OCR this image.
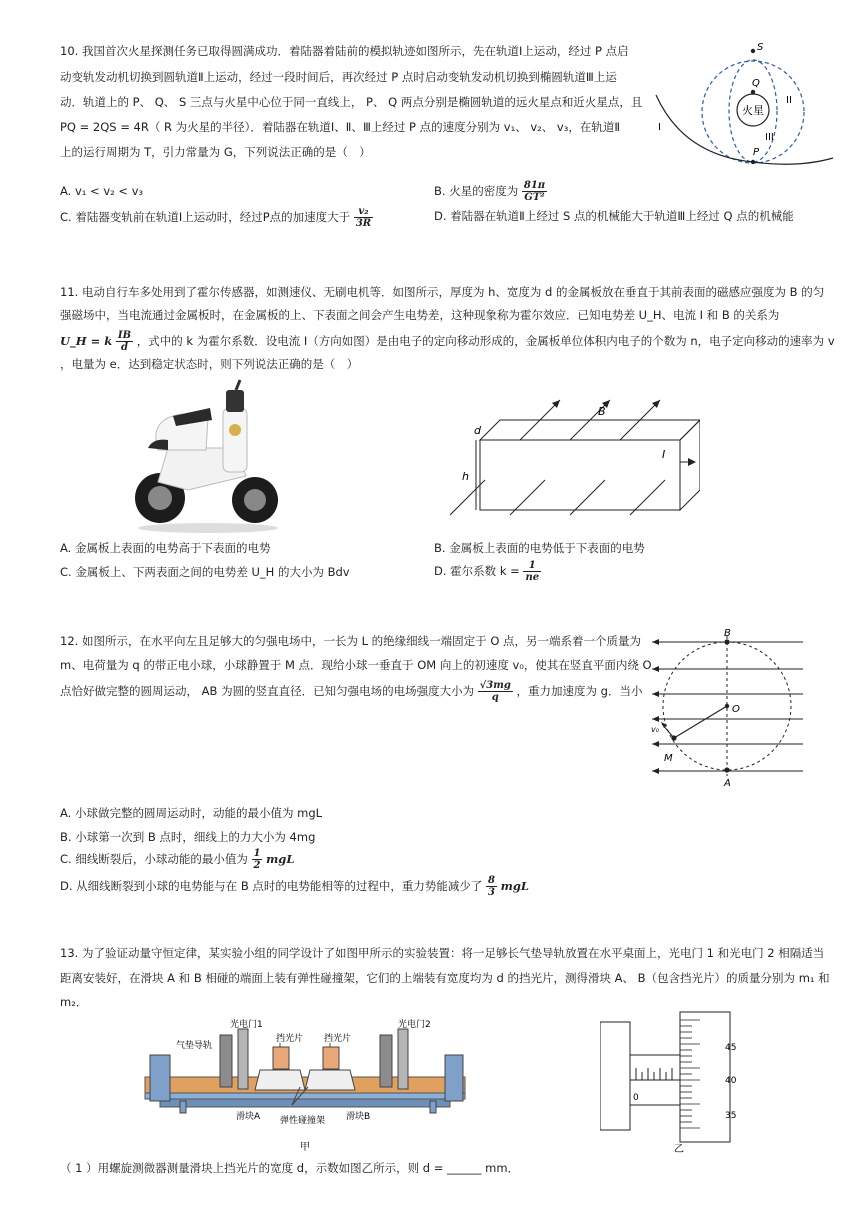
10. 我国首次火星探测任务已取得圆满成功．着陆器着陆前的模拟轨迹如图所示，先在轨道Ⅰ上运动，经过 P 点启
动变轨发动机切换到圆轨道Ⅱ上运动，经过一段时间后，再次经过 P 点时启动变轨发动机切换到椭圆轨道Ⅲ上运
动．轨道上的 P、 Q、 S 三点与火星中心位于同一直线上， P、 Q 两点分别是椭圆轨道的远火星点和近火星点，且
PQ = 2QS = 4R（ R 为火星的半径）．着陆器在轨道Ⅰ、Ⅱ、Ⅲ上经过 P 点的速度分别为 v₁、 v₂、 v₃，在轨道Ⅱ
上的运行周期为 T，引力常量为 G，下列说法正确的是（　）
S
Q
P
火星
I
II
III
A. v₁ < v₂ < v₃	B. 火星的密度为 $\frac{81\pi}{\text{GT²}}$
C. 着陆器变轨前在轨道Ⅰ上运动时，经过P点的加速度大于 $\frac{\text{v₂}}{3R}$	D. 着陆器在轨道Ⅱ上经过 S 点的机械能大于轨道Ⅲ上经过 Q 点的机械能
11. 电动自行车多处用到了霍尔传感器，如测速仪、无刷电机等．如图所示，厚度为 h、宽度为 d 的金属板放在垂直于其前表面的磁感应强度为 B 的匀
强磁场中，当电流通过金属板时，在金属板的上、下表面之间会产生电势差，这种现象称为霍尔效应．已知电势差 U_H、电流 I 和 B 的关系为
U_H = k $\frac{IB}{d}$ ，式中的 k 为霍尔系数．设电流 I（方向如图）是由电子的定向移动形成的，金属板单位体积内电子的个数为 n，电子定向移动的速率为 v
，电量为 e．达到稳定状态时，则下列说法正确的是（　）
B
I
d
h
A. 金属板上表面的电势高于下表面的电势	B. 金属板上表面的电势低于下表面的电势
C. 金属板上、下两表面之间的电势差 U_H 的大小为 Bdv	D. 霍尔系数 $k = \frac{1}{ne}$
12. 如图所示，在水平向左且足够大的匀强电场中，一长为 L 的绝缘细线一端固定于 O 点，另一端系着一个质量为
m、电荷量为 q 的带正电小球，小球静置于 M 点．现给小球一垂直于 OM 向上的初速度 v₀，使其在竖直平面内绕 O
点恰好做完整的圆周运动， AB 为圆的竖直直径．已知匀强电场的电场强度大小为 $\frac{√3mg}{q}$ ，重力加速度为 g．当小
B
O
M
A
v₀
A. 小球做完整的圆周运动时，动能的最小值为 mgL
B. 小球第一次到 B 点时，细线上的力大小为 4mg
C. 细线断裂后，小球动能的最小值为 $\frac{1}{2}$ mgL
D. 从细线断裂到小球的电势能与在 B 点时的电势能相等的过程中，重力势能减少了 $\frac{8}{3}$ mgL
13. 为了验证动量守恒定律，某实验小组的同学设计了如图甲所示的实验装置：将一足够长气垫导轨放置在水平桌面上，光电门 1 和光电门 2 相隔适当
距离安装好，在滑块 A 和 B 相碰的端面上装有弹性碰撞架，它们的上端装有宽度均为 d 的挡光片，测得滑块 A、 B（包含挡光片）的质量分别为 m₁ 和
m₂．
光电门1	光电门2
气垫导轨
挡光片 挡光片
滑块A	滑块B
弹性碰撞架
甲
45
40
35
0
乙
（ 1 ）用螺旋测微器测量滑块上挡光片的宽度 d，示数如图乙所示，则 d = ______ mm．
